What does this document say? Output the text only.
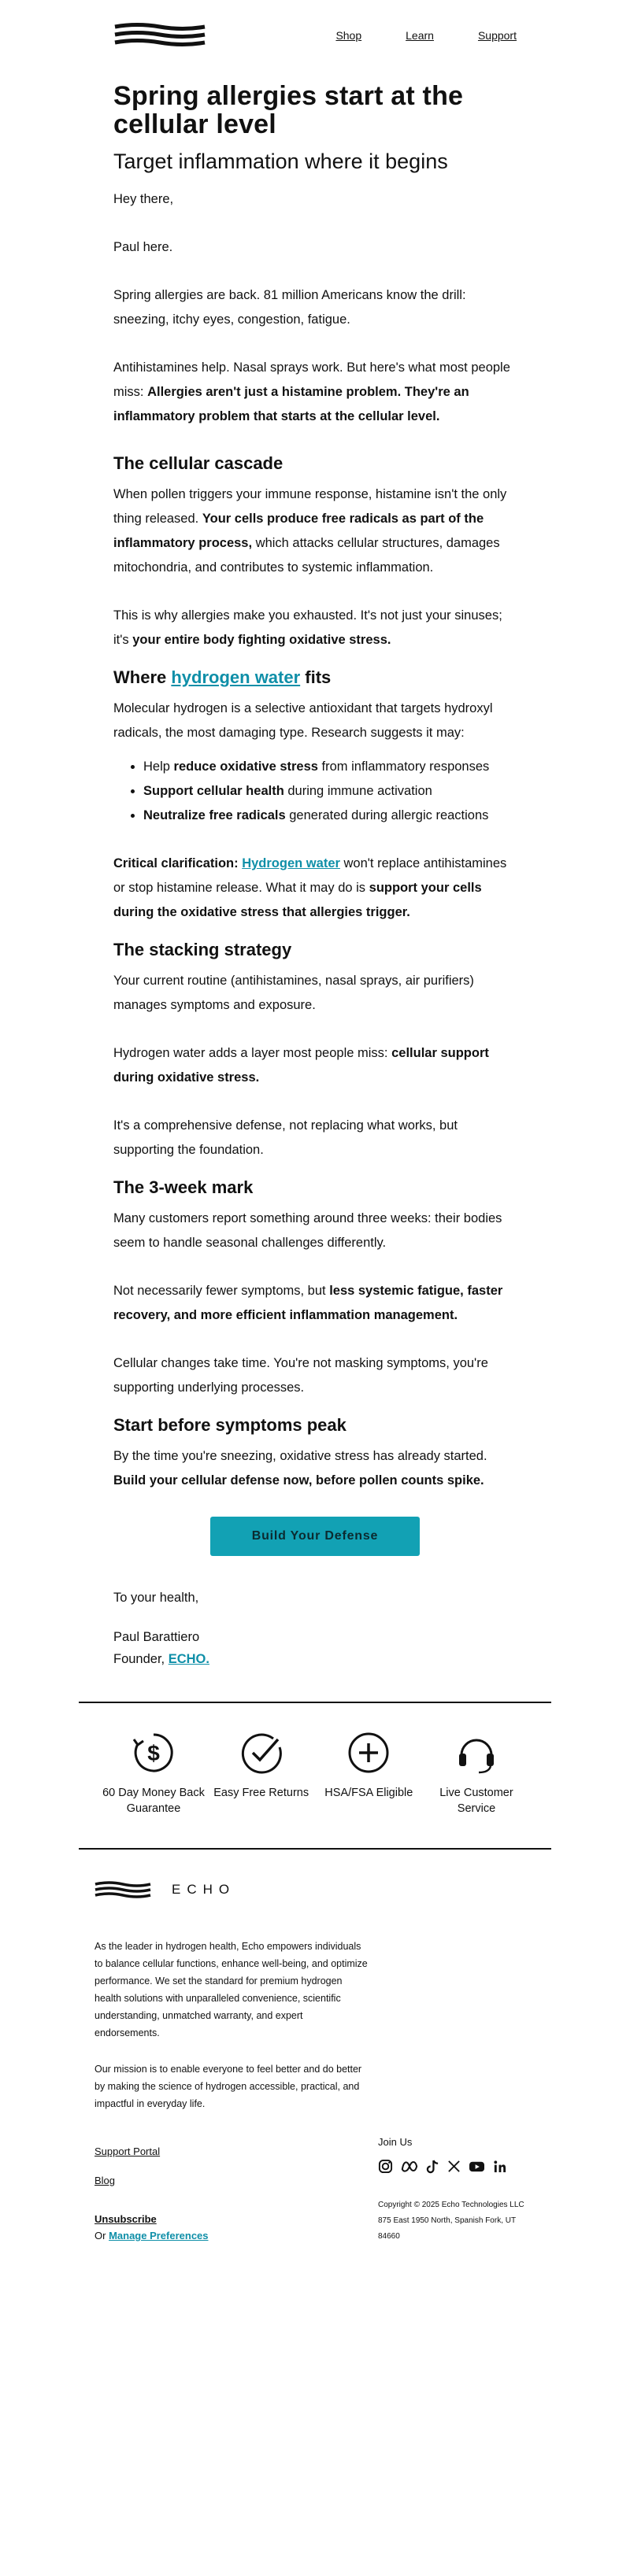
Shop	Learn	Support
Spring allergies start at the cellular level
Target inflammation where it begins

Hey there,

Paul here.

Spring allergies are back. 81 million Americans know the drill: sneezing, itchy eyes, congestion, fatigue.

Antihistamines help. Nasal sprays work. But here's what most people miss: Allergies aren't just a histamine problem. They're an inflammatory problem that starts at the cellular level.

The cellular cascade

When pollen triggers your immune response, histamine isn't the only thing released. Your cells produce free radicals as part of the inflammatory process, which attacks cellular structures, damages mitochondria, and contributes to systemic inflammation.

This is why allergies make you exhausted. It's not just your sinuses; it's your entire body fighting oxidative stress.

Where hydrogen water fits

Molecular hydrogen is a selective antioxidant that targets hydroxyl radicals, the most damaging type. Research suggests it may:

• Help reduce oxidative stress from inflammatory responses
• Support cellular health during immune activation
• Neutralize free radicals generated during allergic reactions

Critical clarification: Hydrogen water won't replace antihistamines or stop histamine release. What it may do is support your cells during the oxidative stress that allergies trigger.

The stacking strategy

Your current routine (antihistamines, nasal sprays, air purifiers) manages symptoms and exposure.

Hydrogen water adds a layer most people miss: cellular support during oxidative stress.

It's a comprehensive defense, not replacing what works, but supporting the foundation.

The 3-week mark

Many customers report something around three weeks: their bodies seem to handle seasonal challenges differently.

Not necessarily fewer symptoms, but less systemic fatigue, faster recovery, and more efficient inflammation management.

Cellular changes take time. You're not masking symptoms, you're supporting underlying processes.

Start before symptoms peak

By the time you're sneezing, oxidative stress has already started. Build your cellular defense now, before pollen counts spike.

Build Your Defense

To your health,

Paul Barattiero
Founder, ECHO.
$
60 Day Money Back Guarantee
Easy Free Returns	HSA/FSA Eligible	Live Customer Service
ECHO

As the leader in hydrogen health, Echo empowers individuals to balance cellular functions, enhance well-being, and optimize performance. We set the standard for premium hydrogen health solutions with unparalleled convenience, scientific understanding, unmatched warranty, and expert endorsements.

Our mission is to enable everyone to feel better and do better by making the science of hydrogen accessible, practical, and impactful in everyday life.

Support Portal
Blog
Unsubscribe
Or Manage Preferences
Join Us
Copyright © 2025 Echo Technologies LLC 875 East 1950 North, Spanish Fork, UT 84660
